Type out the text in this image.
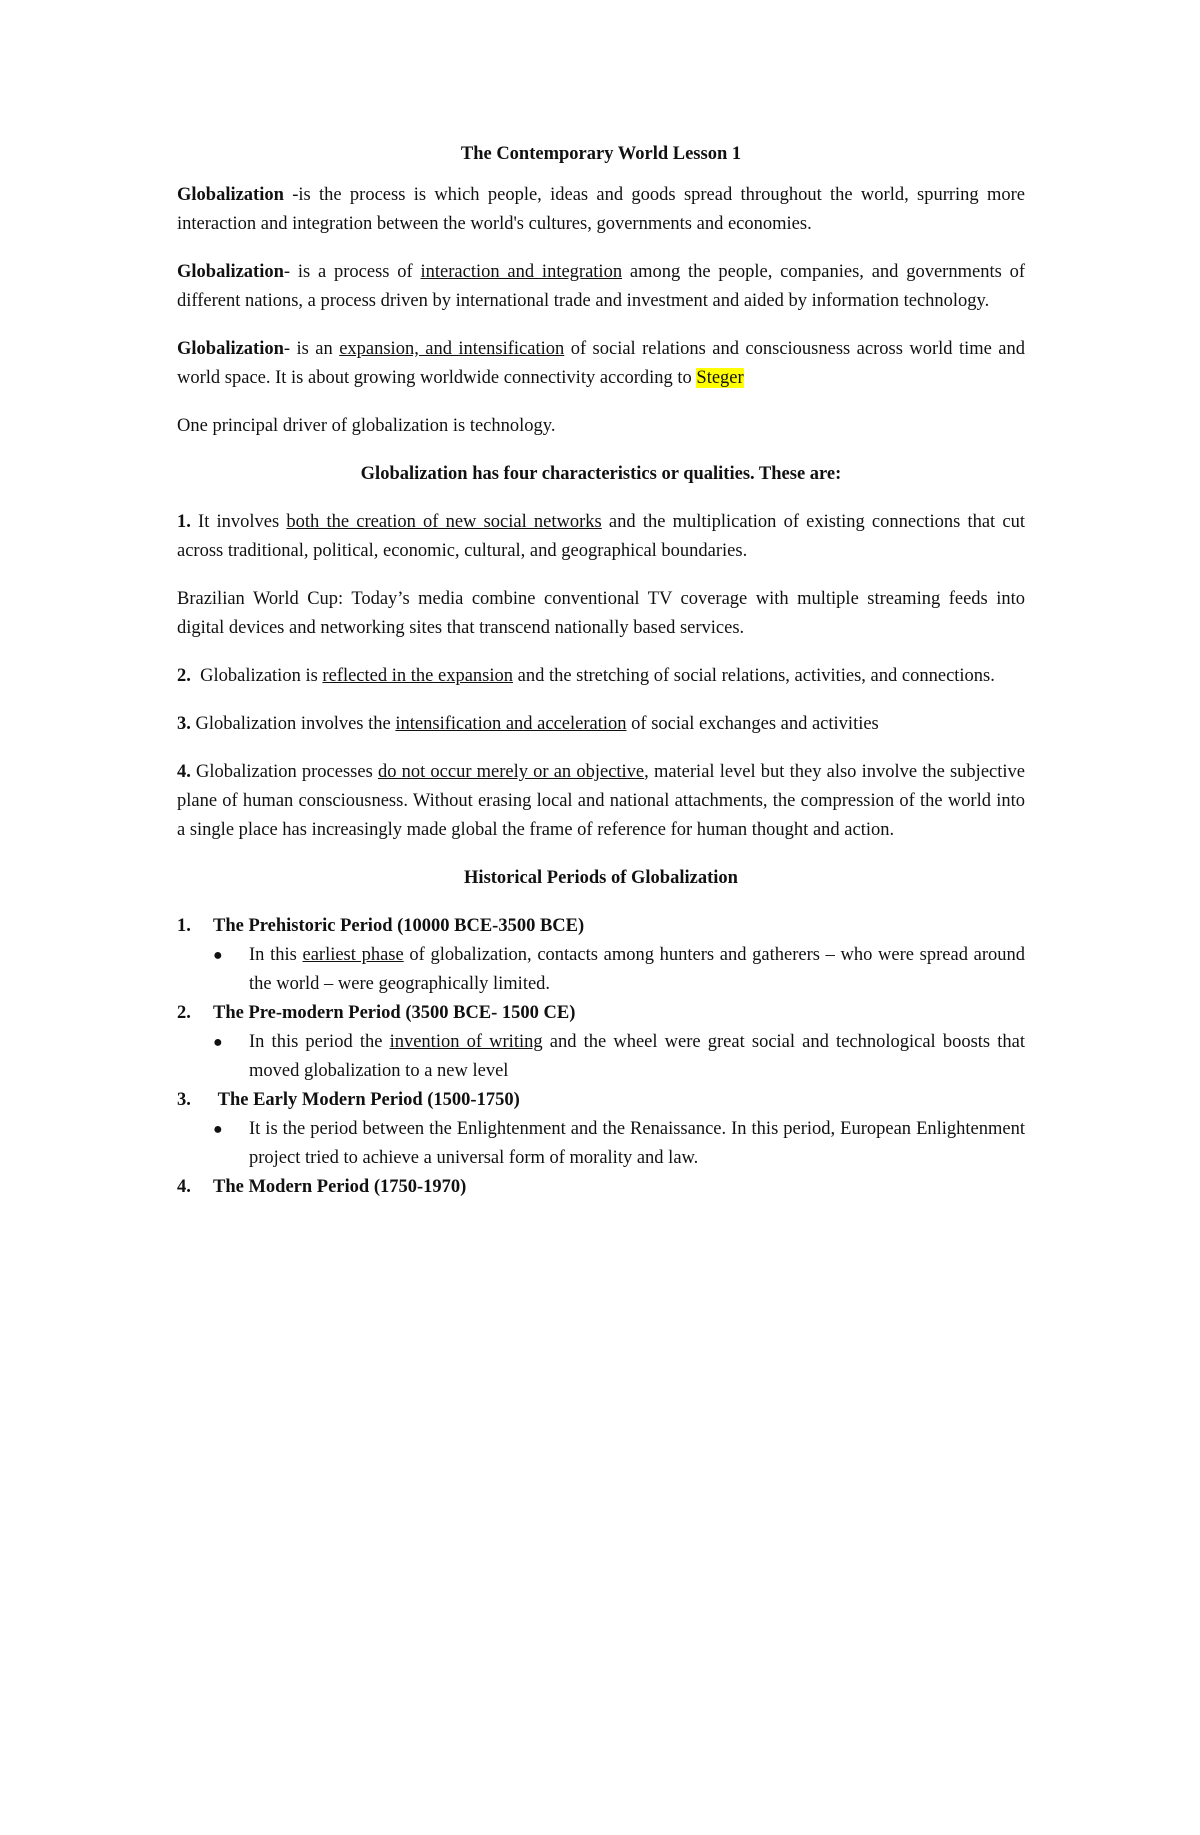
The Contemporary World Lesson 1

Globalization -is the process is which people, ideas and goods spread throughout the world, spurring more interaction and integration between the world's cultures, governments and economies.

Globalization- is a process of interaction and integration among the people, companies, and governments of different nations, a process driven by international trade and investment and aided by information technology.

Globalization- is an expansion, and intensification of social relations and consciousness across world time and world space. It is about growing worldwide connectivity according to Steger

One principal driver of globalization is technology.

Globalization has four characteristics or qualities. These are:

1. It involves both the creation of new social networks and the multiplication of existing connections that cut across traditional, political, economic, cultural, and geographical boundaries.

Brazilian World Cup: Today’s media combine conventional TV coverage with multiple streaming feeds into digital devices and networking sites that transcend nationally based services.

2.  Globalization is reflected in the expansion and the stretching of social relations, activities, and connections.

3. Globalization involves the intensification and acceleration of social exchanges and activities

4. Globalization processes do not occur merely or an objective, material level but they also involve the subjective plane of human consciousness. Without erasing local and national attachments, the compression of the world into a single place has increasingly made global the frame of reference for human thought and action.

Historical Periods of Globalization

1.	The Prehistoric Period (10000 BCE-3500 BCE)
●	In this earliest phase of globalization, contacts among hunters and gatherers – who were spread around the world – were geographically limited.
2.	The Pre-modern Period (3500 BCE- 1500 CE)
●	In this period the invention of writing and the wheel were great social and technological boosts that moved globalization to a new level
3.	The Early Modern Period (1500-1750)
●	It is the period between the Enlightenment and the Renaissance. In this period, European Enlightenment project tried to achieve a universal form of morality and law.
4.	The Modern Period (1750-1970)
